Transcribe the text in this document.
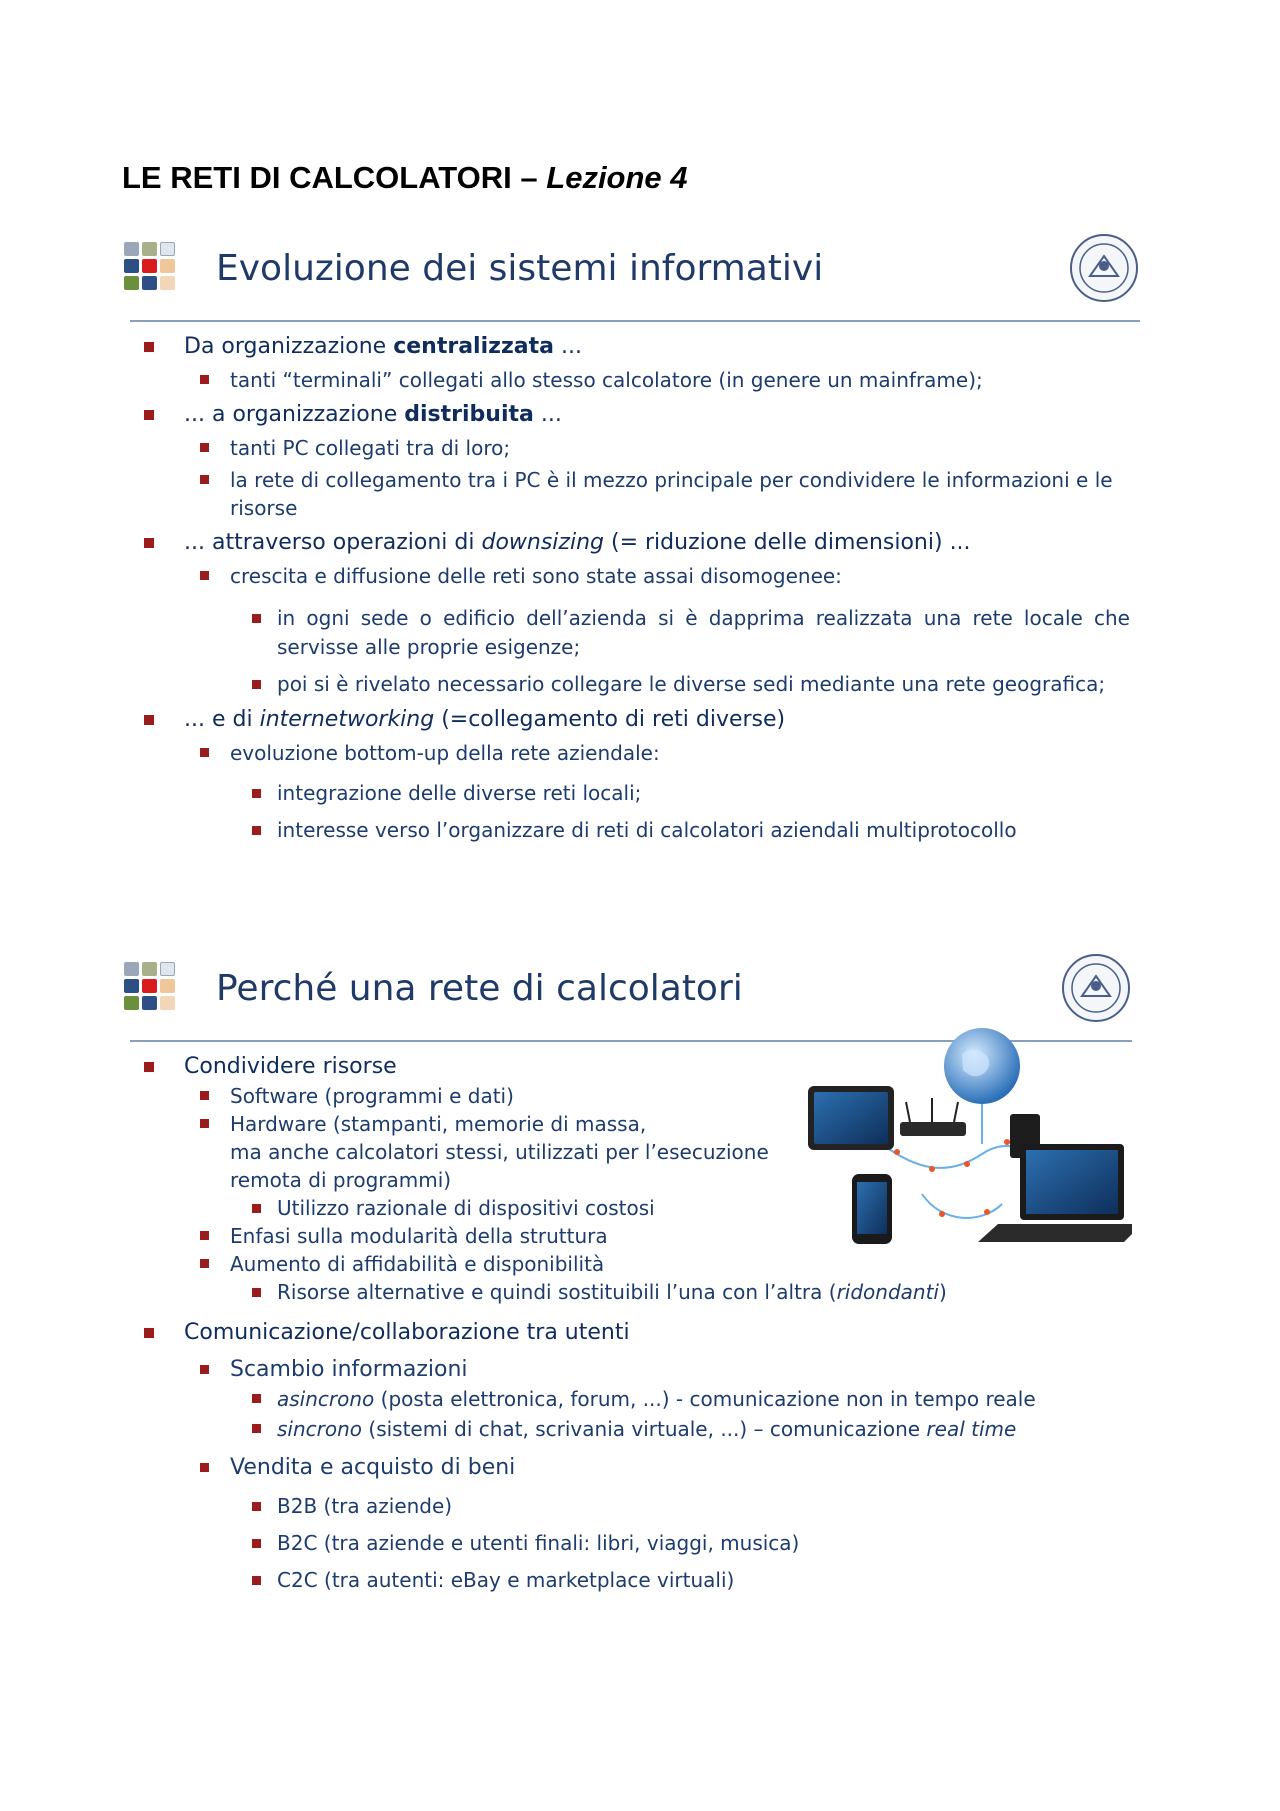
LE RETI DI CALCOLATORI – Lezione 4
Evoluzione dei sistemi informativi
Da organizzazione centralizzata ...
tanti “terminali” collegati allo stesso calcolatore (in genere un mainframe);
... a organizzazione distribuita ...
tanti PC collegati tra di loro;
la rete di collegamento tra i PC è il mezzo principale per condividere le informazioni e le risorse
... attraverso operazioni di downsizing (= riduzione delle dimensioni) ...
crescita e diffusione delle reti sono state assai disomogenee:
in ogni sede o edificio dell’azienda si è dapprima realizzata una rete locale che servisse alle proprie esigenze;
poi si è rivelato necessario collegare le diverse sedi mediante una rete geografica;
... e di internetworking (=collegamento di reti diverse)
evoluzione bottom-up della rete aziendale:
integrazione delle diverse reti locali;
interesse verso l’organizzare di reti di calcolatori aziendali multiprotocollo
Perché una rete di calcolatori
Condividere risorse
Software (programmi e dati)
Hardware (stampanti, memorie di massa,
ma anche calcolatori stessi, utilizzati per l’esecuzione
remota di programmi)
Utilizzo razionale di dispositivi costosi
Enfasi sulla modularità della struttura
Aumento di affidabilità e disponibilità
Risorse alternative e quindi sostituibili l’una con l’altra (ridondanti)
Comunicazione/collaborazione tra utenti
Scambio informazioni
asincrono (posta elettronica, forum, ...) - comunicazione non in tempo reale
sincrono (sistemi di chat, scrivania virtuale, ...) – comunicazione real time
Vendita e acquisto di beni
B2B (tra aziende)
B2C (tra aziende e utenti finali: libri, viaggi, musica)
C2C (tra autenti: eBay e marketplace virtuali)
